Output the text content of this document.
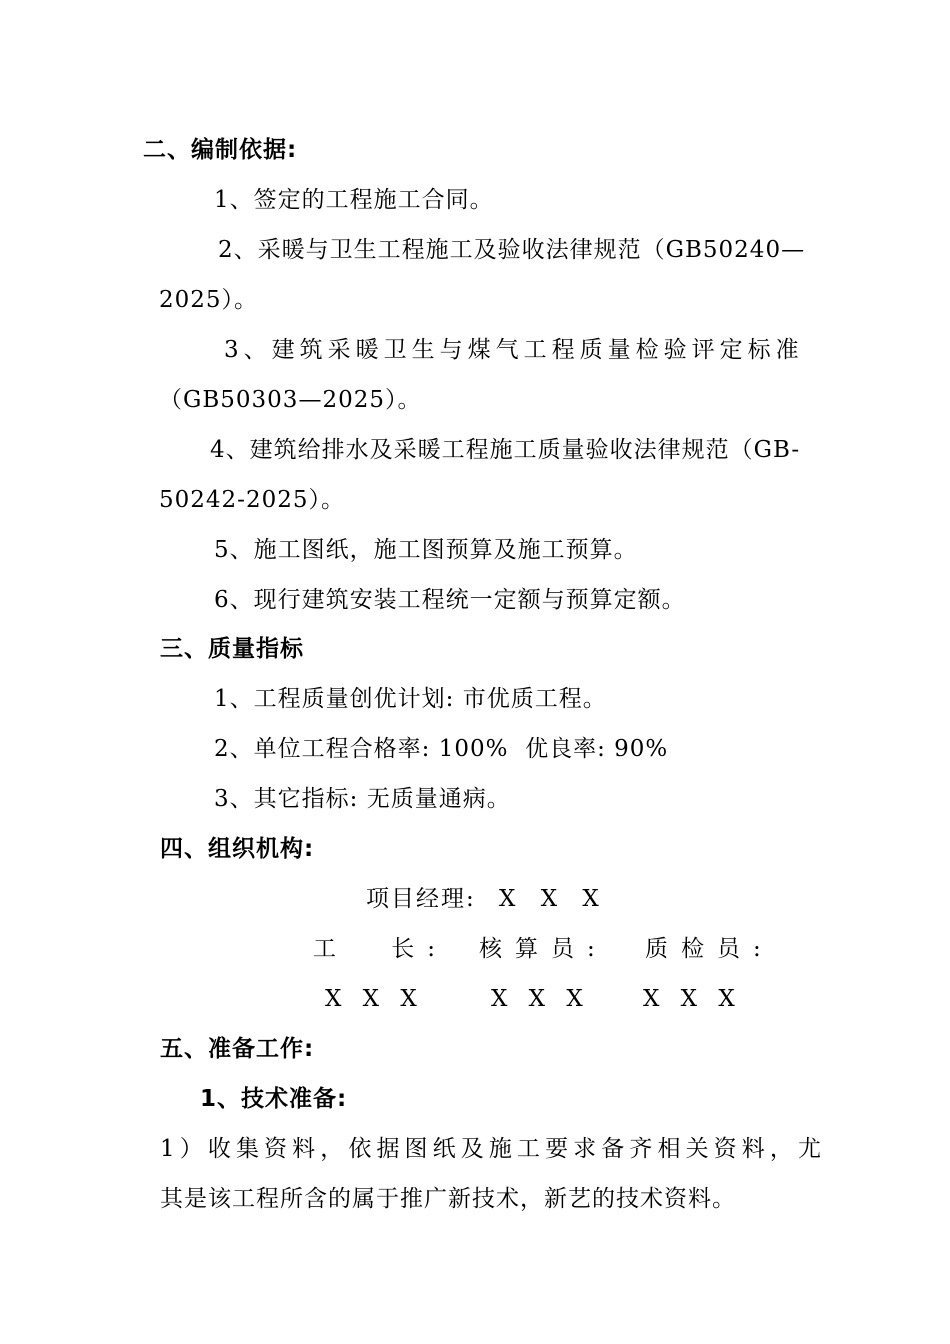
二、编制依据:
1、签定的工程施工合同。
2、采暖与卫生工程施工及验收法律规范（GB50240—
2025）。
3、建筑采暖卫生与煤气工程质量检验评定标准
（GB50303—2025）。
4、建筑给排水及采暖工程施工质量验收法律规范（GB-
50242-2025）。
5、施工图纸，施工图预算及施工预算。
6、现行建筑安装工程统一定额与预算定额。
三、质量指标
1、工程质量创优计划: 市优质工程。
2、单位工程合格率: 100%  优良率: 90%
3、其它指标: 无质量通病。
四、组织机构:
项目经理: X X X
工 长: 核算员: 质检员:
X X X	X X X	X X X
五、准备工作:
1、技术准备:
1）收集资料，依据图纸及施工要求备齐相关资料，尤
其是该工程所含的属于推广新技术，新艺的技术资料。
